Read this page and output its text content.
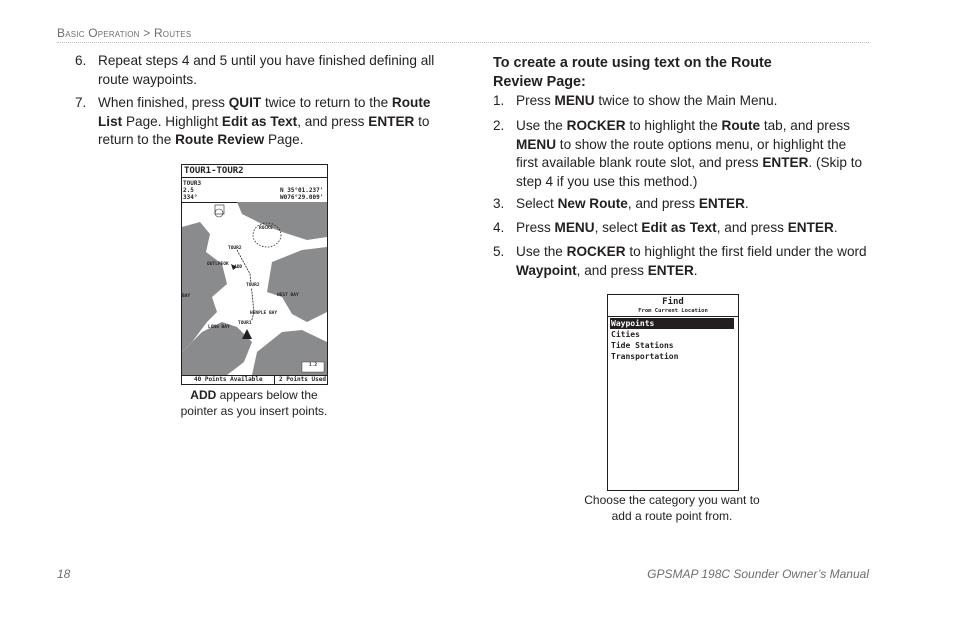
Basic Operation > Routes
6. Repeat steps 4 and 5 until you have finished defining all route waypoints.
7. When finished, press QUIT twice to return to the Route List Page. Highlight Edit as Text, and press ENTER to return to the Route Review Page.
TOUR1-TOUR2
TOUR3
2.5
334°
N 35°01.237'
W076°29.009'
ROCKS
TOUR2
OUTLPEOK
ADD
TOUR2
WEST BAY
HENPLE BAY
TOUR1
LONG BAY
BAY
1.2
40 Points Available	2 Points Used
ADD appears below the
pointer as you insert points.
To create a route using text on the Route
Review Page:
1. Press MENU twice to show the Main Menu.
2. Use the ROCKER to highlight the Route tab, and press MENU to show the route options menu, or highlight the first available blank route slot, and press ENTER. (Skip to step 4 if you use this method.)
3. Select New Route, and press ENTER.
4. Press MENU, select Edit as Text, and press ENTER.
5. Use the ROCKER to highlight the first field under the word Waypoint, and press ENTER.
Find
From Current Location
Waypoints
Cities
Tide Stations
Transportation
Choose the category you want to
add a route point from.
18	GPSMAP 198C Sounder Owner’s Manual
